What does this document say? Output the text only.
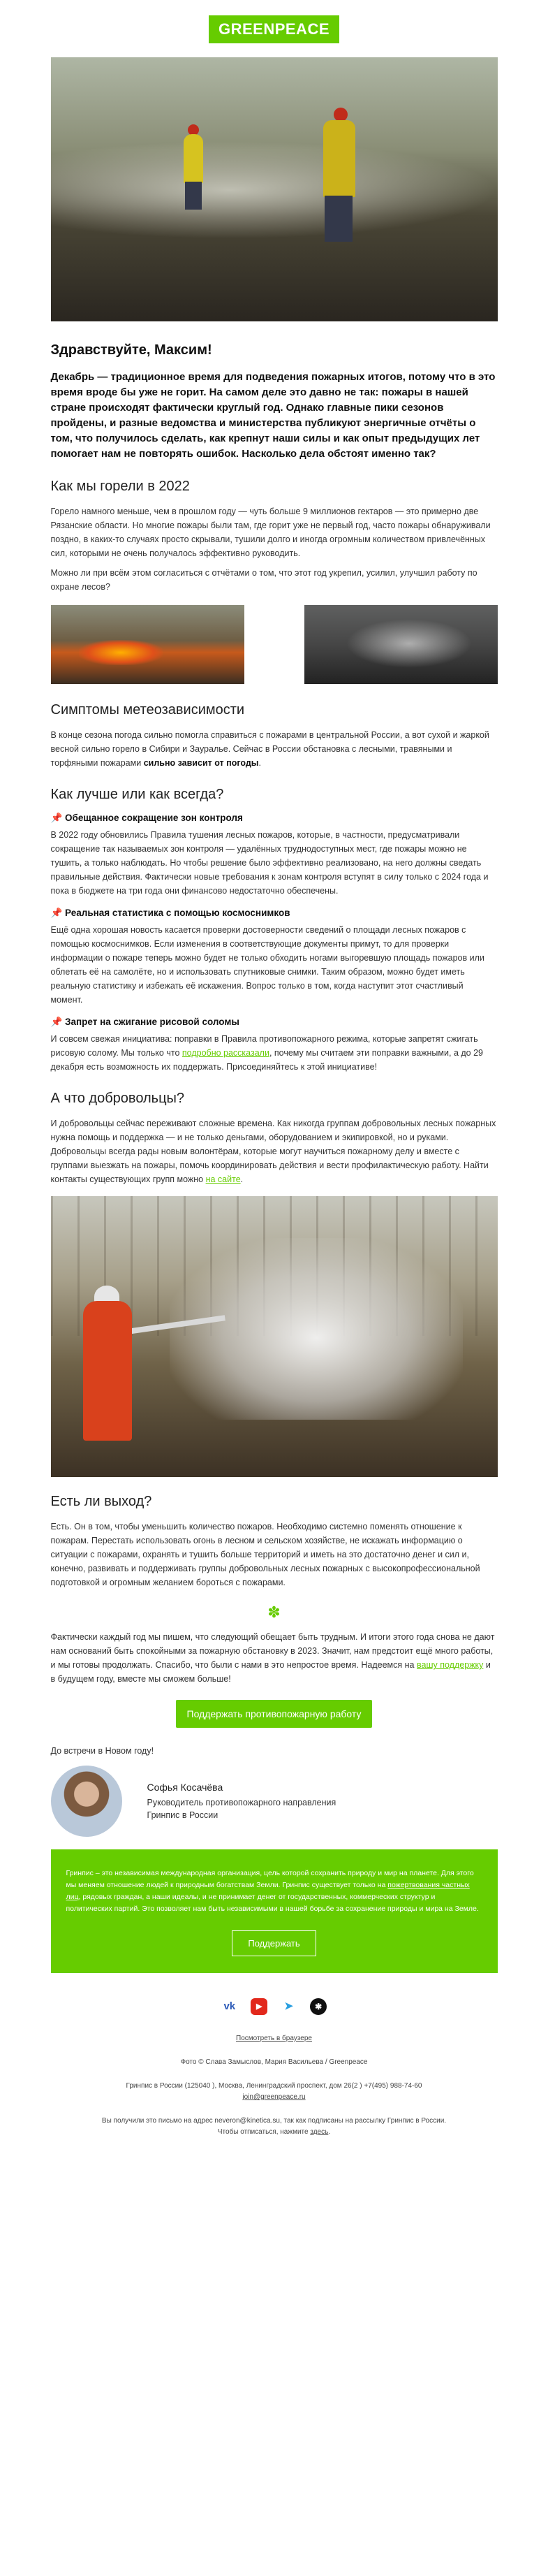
GREENPEACE
Здравствуйте, Максим!

Декабрь — традиционное время для подведения пожарных итогов, потому что в это время вроде бы уже не горит. На самом деле это давно не так: пожары в нашей стране происходят фактически круглый год. Однако главные пики сезонов пройдены, и разные ведомства и министерства публикуют энергичные отчёты о том, что получилось сделать, как крепнут наши силы и как опыт предыдущих лет помогает нам не повторять ошибок. Насколько дела обстоят именно так?

Как мы горели в 2022

Горело намного меньше, чем в прошлом году — чуть больше 9 миллионов гектаров — это примерно две Рязанские области. Но многие пожары были там, где горит уже не первый год, часто пожары обнаруживали поздно, в каких-то случаях просто скрывали, тушили долго и иногда огромным количеством привлечённых сил, которыми не очень получалось эффективно руководить.

Можно ли при всём этом согласиться с отчётами о том, что этот год укрепил, усилил, улучшил работу по охране лесов?

Симптомы метеозависимости

В конце сезона погода сильно помогла справиться с пожарами в центральной России, а вот сухой и жаркой весной сильно горело в Сибири и Зауралье. Сейчас в России обстановка с лесными, травяными и торфяными пожарами сильно зависит от погоды.

Как лучше или как всегда?
📌 Обещанное сокращение зон контроля

В 2022 году обновились Правила тушения лесных пожаров, которые, в частности, предусматривали сокращение так называемых зон контроля — удалённых труднодоступных мест, где пожары можно не тушить, а только наблюдать. Но чтобы решение было эффективно реализовано, на него должны сведать правильные действия. Фактически новые требования к зонам контроля вступят в силу только с 2024 года и пока в бюджете на три года они финансово недостаточно обеспечены.

📌 Реальная статистика с помощью космоснимков

Ещё одна хорошая новость касается проверки достоверности сведений о площади лесных пожаров с помощью космоснимков. Если изменения в соответствующие документы примут, то для проверки информации о пожаре теперь можно будет не только обходить ногами выгоревшую площадь пожаров или облетать её на самолёте, но и использовать спутниковые снимки. Таким образом, можно будет иметь реальную статистику и избежать её искажения. Вопрос только в том, когда наступит этот счастливый момент.

📌 Запрет на сжигание рисовой соломы

И совсем свежая инициатива: поправки в Правила противопожарного режима, которые запретят сжигать рисовую солому. Мы только что подробно рассказали, почему мы считаем эти поправки важными, а до 29 декабря есть возможность их поддержать. Присоединяйтесь к этой инициативе!

А что добровольцы?

И добровольцы сейчас переживают сложные времена. Как никогда группам добровольных лесных пожарных нужна помощь и поддержка — и не только деньгами, оборудованием и экипировкой, но и руками. Добровольцы всегда рады новым волонтёрам, которые могут научиться пожарному делу и вместе с группами выезжать на пожары, помочь координировать действия и вести профилактическую работу. Найти контакты существующих групп можно на сайте.

Есть ли выход?

Есть. Он в том, чтобы уменьшить количество пожаров. Необходимо системно поменять отношение к пожарам. Перестать использовать огонь в лесном и сельском хозяйстве, не искажать информацию о ситуации с пожарами, охранять и тушить больше территорий и иметь на это достаточно денег и сил и, конечно, развивать и поддерживать группы добровольных лесных пожарных с высокопрофессиональной подготовкой и огромным желанием бороться с пожарами.

✽

Фактически каждый год мы пишем, что следующий обещает быть трудным. И итоги этого года снова не дают нам оснований быть спокойными за пожарную обстановку в 2023. Значит, нам предстоит ещё много работы, и мы готовы продолжать. Спасибо, что были с нами в это непростое время. Надеемся на вашу поддержку и в будущем году, вместе мы сможем больше!

Поддержать противопожарную работу

До встречи в Новом году!

Софья Косачёва

Руководитель противопожарного направления

Гринпис в России

Гринпис – это независимая международная организация, цель которой сохранить природу и мир на планете. Для этого мы меняем отношение людей к природным богатствам Земли. Гринпис существует только на пожертвования частных лиц, рядовых граждан, а наши идеалы, и не принимает денег от государственных, коммерческих структур и политических партий. Это позволяет нам быть независимыми в нашей борьбе за сохранение природы и мира на Земле.

Поддержать
vk	▶ ➤	✱

Посмотреть в браузере

Фото © Слава Замыслов, Мария Васильева / Greenpeace

Гринпис в России (125040 ), Москва, Ленинградский проспект, дом 26(2 ) +7(495) 988-74-60

join@greenpeace.ru

Вы получили это письмо на адрес neveron@kinetica.su, так как подписаны на рассылку Гринпис в России.

Чтобы отписаться, нажмите здесь.
